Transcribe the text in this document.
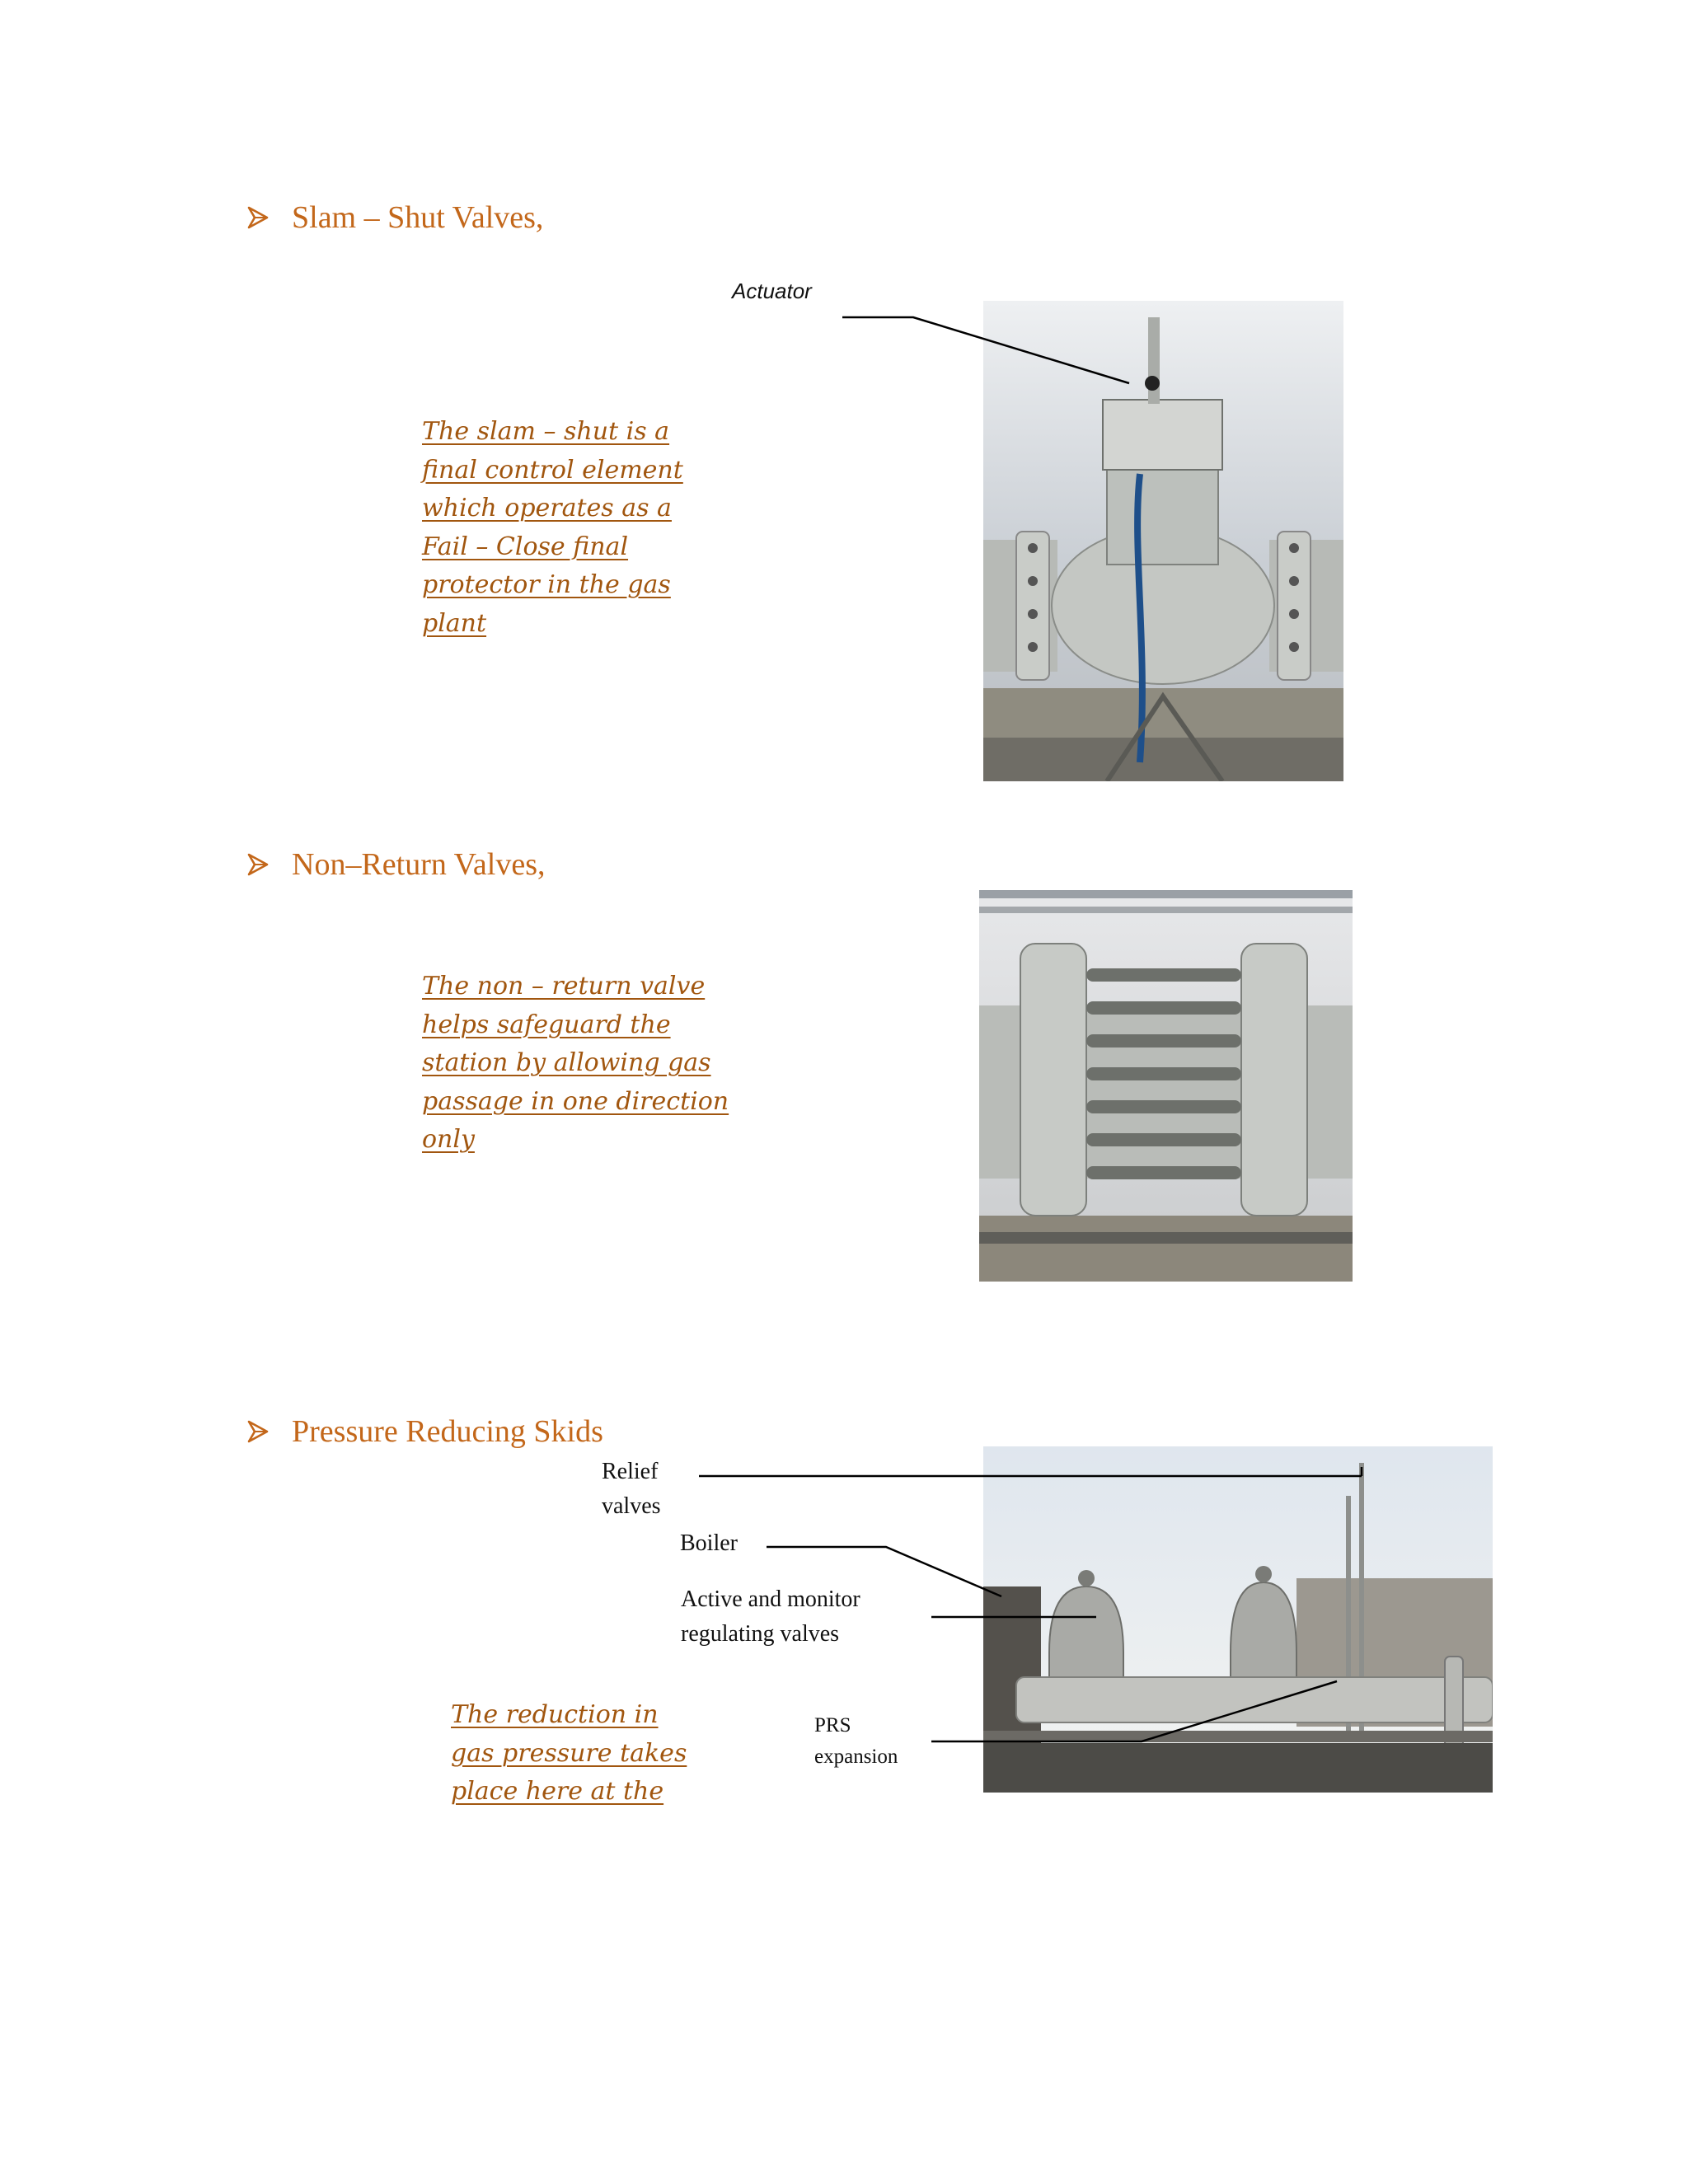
Slam – Shut Valves,
Actuator
The slam – shut is a
final control element
which operates as a
Fail – Close final
protector in the gas
plant
Non–Return Valves,
The non – return valve
helps safeguard the
station by allowing gas
passage in one direction
only
Pressure Reducing Skids
Relief
valves
Boiler
Active and monitor
regulating valves
PRS
expansion
The reduction in
gas pressure takes
place here at the
